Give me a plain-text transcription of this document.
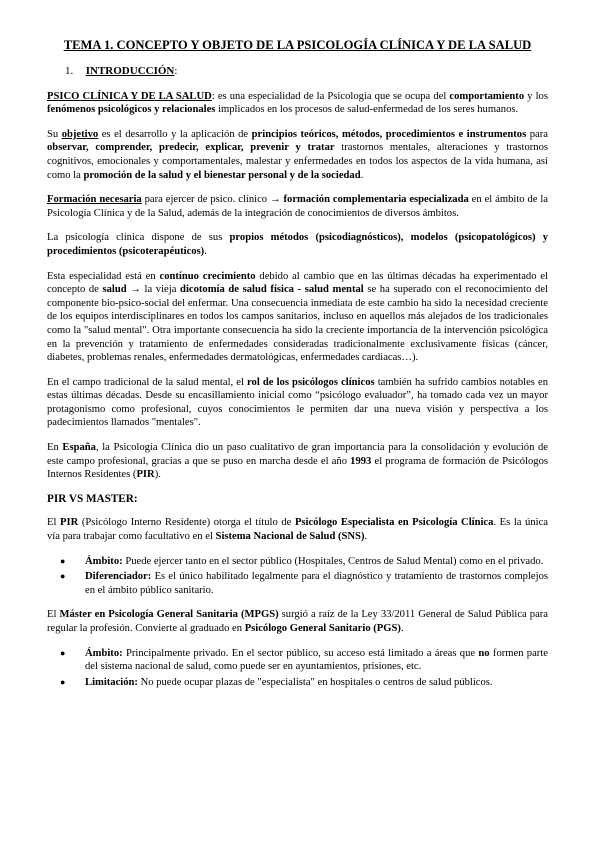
TEMA 1. CONCEPTO Y OBJETO DE LA PSICOLOGÍA CLÍNICA Y DE LA SALUD
1. INTRODUCCIÓN:

PSICO CLÍNICA Y DE LA SALUD: es una especialidad de la Psicología que se ocupa del comportamiento y los fenómenos psicológicos y relacionales implicados en los procesos de salud-enfermedad de los seres humanos.

Su objetivo es el desarrollo y la aplicación de principios teóricos, métodos, procedimientos e instrumentos para observar, comprender, predecir, explicar, prevenir y tratar trastornos mentales, alteraciones y trastornos cognitivos, emocionales y comportamentales, malestar y enfermedades en todos los aspectos de la vida humana, así como la promoción de la salud y el bienestar personal y de la sociedad.

Formación necesaria para ejercer de psico. clínico → formación complementaria especializada en el ámbito de la Psicología Clínica y de la Salud, además de la integración de conocimientos de diversos ámbitos.

La psicología clínica dispone de sus propios métodos (psicodiagnósticos), modelos (psicopatológicos) y procedimientos (psicoterapéuticos).

Esta especialidad está en contínuo crecimiento debido al cambio que en las últimas décadas ha experimentado el concepto de salud → la vieja dicotomía de salud física - salud mental se ha superado con el reconocimiento del componente bio-psico-social del enfermar. Una consecuencia inmediata de este cambio ha sido la necesidad creciente de los equipos interdisciplinares en todos los campos sanitarios, incluso en aquellos más alejados de los tradicionales como la "salud mental". Otra importante consecuencia ha sido la creciente importancia de la intervención psicológica en la prevención y tratamiento de enfermedades consideradas tradicionalmente exclusivamente físicas (cáncer, diabetes, problemas renales, enfermedades dermatológicas, enfermedades cardiacas…).

En el campo tradicional de la salud mental, el rol de los psicólogos clínicos también ha sufrido cambios notables en estas últimas décadas. Desde su encasillamiento inicial como “psicólogo evaluador”, ha tomado cada vez un mayor protagonismo como profesional, cuyos conocimientos le permiten dar una nueva visión y perspectiva a los padecimientos llamados "mentales".

En España, la Psicología Clínica dio un paso cualitativo de gran importancia para la consolidación y evolución de este campo profesional, gracias a que se puso en marcha desde el año 1993 el programa de formación de Psicólogos Internos Residentes (PIR).

PIR VS MASTER:

El PIR (Psicólogo Interno Residente) otorga el título de Psicólogo Especialista en Psicología Clínica. Es la única vía para trabajar como facultativo en el Sistema Nacional de Salud (SNS).

● Ámbito: Puede ejercer tanto en el sector público (Hospitales, Centros de Salud Mental) como en el privado.
● Diferenciador: Es el único habilitado legalmente para el diagnóstico y tratamiento de trastornos complejos en el ámbito público sanitario.

El Máster en Psicología General Sanitaria (MPGS) surgió a raíz de la Ley 33/2011 General de Salud Pública para regular la profesión. Convierte al graduado en Psicólogo General Sanitario (PGS).

● Ámbito: Principalmente privado. En el sector público, su acceso está limitado a áreas que no formen parte del sistema nacional de salud, como puede ser en ayuntamientos, prisiones, etc.
● Limitación: No puede ocupar plazas de "especialista" en hospitales o centros de salud públicos.
